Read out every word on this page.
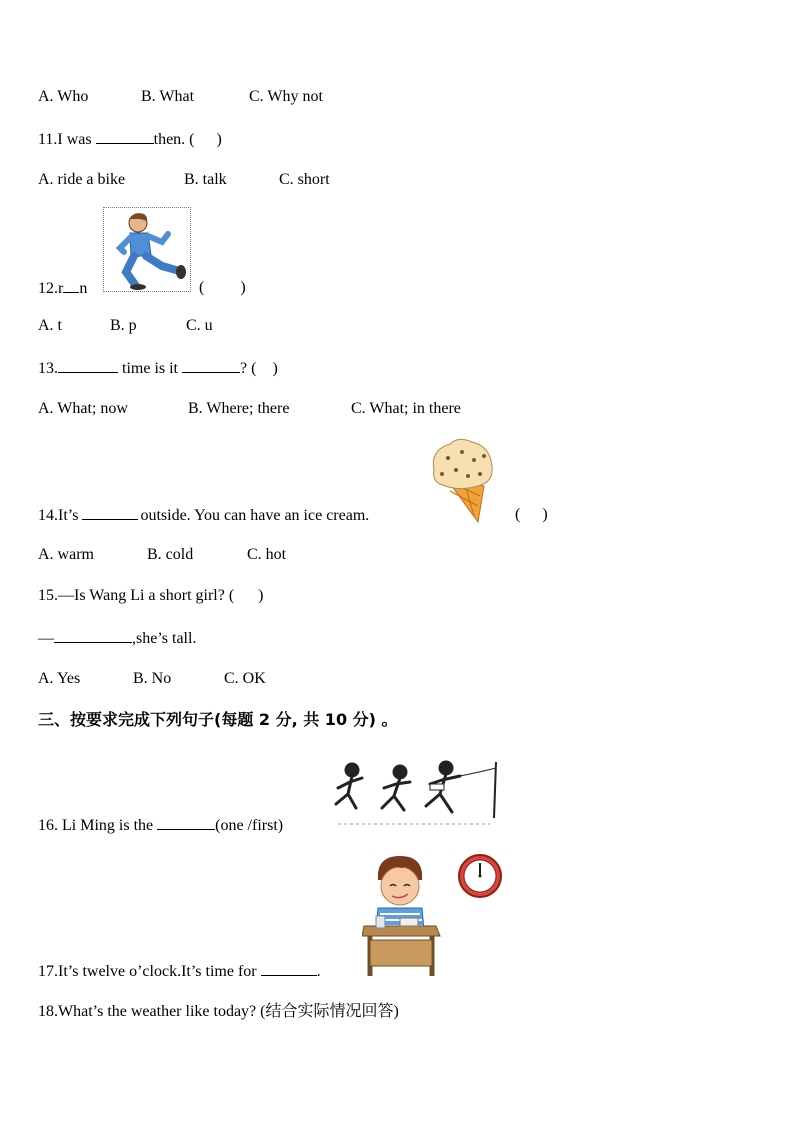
A. Who	B. What	C. Why not
11.I was	then. ( )
A. ride a bike	B. talk	C. short
12.r n	( )
A. t	B. p	C. u
13.	time is it	? ( )
A. What; now	B. Where; there	C. What; in there
14.It’s	outside. You can have an ice cream.	( )
A. warm	B. cold	C. hot
15.—Is Wang Li a short girl? ( )
—	,she’s tall.
A. Yes	B. No	C. OK
三、按要求完成下列句子(每题 2 分, 共 10 分) 。
16. Li Ming is the	(one /first)
17.It’s twelve o’clock.It’s time for	.
18.What’s the weather like today? (结合实际情况回答)
